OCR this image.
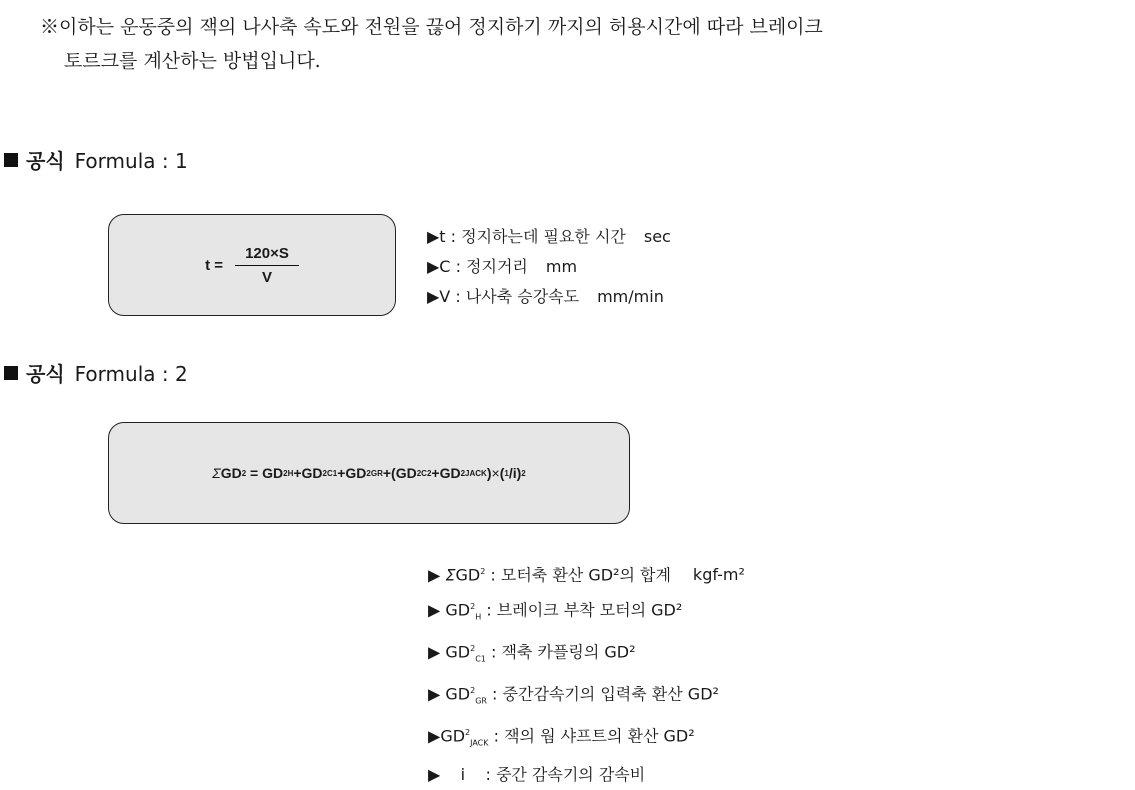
※이하는 운동중의 잭의 나사축 속도와 전원을 끊어 정지하기 까지의 허용시간에 따라 브레이크
토르크를 계산하는 방법입니다.
공식 Formula : 1
$t = \frac{120\times S}{V}$
▶t : 정지하는데 필요한 시간 sec
▶C : 정지거리 mm
▶V : 나사축 승강속도 mm/min
공식 Formula : 2
Σ GD 2
=
GD 2 H + GD 2 C1 + GD 2 GR + ( GD 2 C2 + GD 2 JACK ) × ( 1 /i) 2
▶ ΣGD$^2$ : 모터축 환산 GD²의 합계 kgf-m²
▶ $GD^2_H$ : 브레이크 부착 모터의 GD²
▶ $GD^2_{C1}$ : 잭축 카플링의 GD²
▶ $GD^2_{GR}$ : 중간감속기의 입력축 환산 GD²
$▶GD^2_{JACK}$ : 잭의 웜 샤프트의 환산 GD²
▶ i    : 중간 감속기의 감속비
